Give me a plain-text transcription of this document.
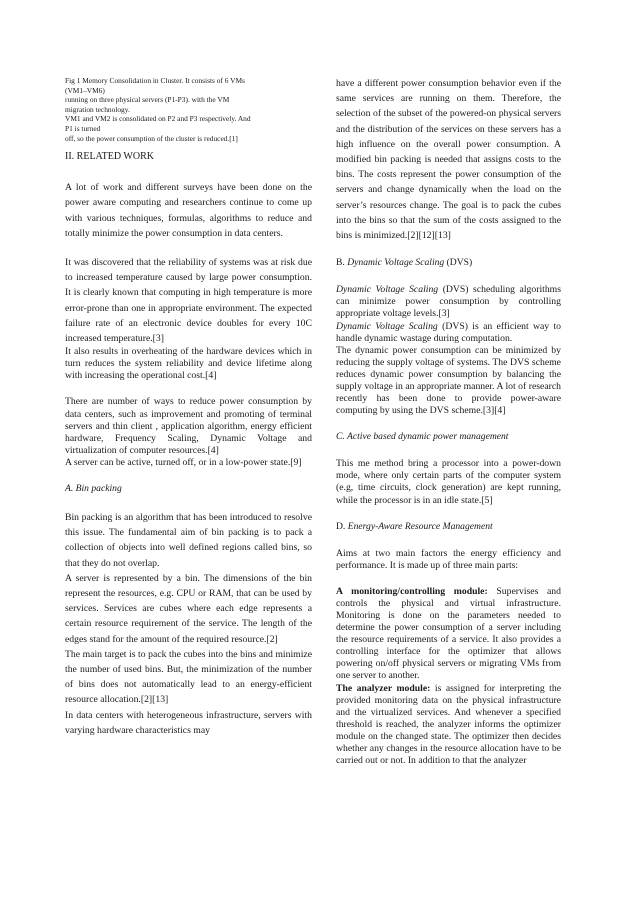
Fig 1 Memory Consolidation in Cluster. It consists of 6 VMs
(VM1–VM6)
running on three physical servers (P1-P3). with the VM
migration technology.
VM1 and VM2 is consolidated on P2 and P3 respectively. And
P1 is turned
off, so the power consumption of the cluster is reduced.[1]

II. RELATED WORK

A lot of work and different surveys have been done on the power aware computing and researchers continue to come up with various techniques, formulas, algorithms to reduce and totally minimize the power consumption in data centers.

It was discovered that the reliability of systems was at risk due to increased temperature caused by large power consumption. It is clearly known that computing in high temperature is more error-prone than one in appropriate environment. The expected failure rate of an electronic device doubles for every 10C increased temperature.[3]

It also results in overheating of the hardware devices which in turn reduces the system reliability and device lifetime along with increasing the operational cost.[4]

There are number of ways to reduce power consumption by data centers, such as improvement and promoting of terminal servers and thin client , application algorithm, energy efficient hardware, Frequency Scaling, Dynamic Voltage and virtualization of computer resources.[4]

A server can be active, turned off, or in a low-power state.[9]

A. Bin packing

Bin packing is an algorithm that has been introduced to resolve this issue. The fundamental aim of bin packing is to pack a collection of objects into well defined regions called bins, so that they do not overlap.

A server is represented by a bin. The dimensions of the bin represent the resources, e.g. CPU or RAM, that can be used by services. Services are cubes where each edge represents a certain resource requirement of the service. The length of the edges stand for the amount of the required resource.[2]

The main target is to pack the cubes into the bins and minimize the number of used bins. But, the minimization of the number of bins does not automatically lead to an energy-efficient resource allocation.[2][13]

In data centers with heterogeneous infrastructure, servers with varying hardware characteristics may

have a different power consumption behavior even if the same services are running on them. Therefore, the selection of the subset of the powered-on physical servers and the distribution of the services on these servers has a high influence on the overall power consumption. A modified bin packing is needed that assigns costs to the bins. The costs represent the power consumption of the servers and change dynamically when the load on the server’s resources change. The goal is to pack the cubes into the bins so that the sum of the costs assigned to the bins is minimized.[2][12][13]

B. Dynamic Voltage Scaling (DVS)

Dynamic Voltage Scaling (DVS) scheduling algorithms can minimize power consumption by controlling appropriate voltage levels.[3]

Dynamic Voltage Scaling (DVS) is an efficient way to handle dynamic wastage during computation.

The dynamic power consumption can be minimized by reducing the supply voltage of systems. The DVS scheme reduces dynamic power consumption by balancing the supply voltage in an appropriate manner. A lot of research recently has been done to provide power-aware computing by using the DVS scheme.[3][4]

C. Active based dynamic power management

This me method bring a processor into a power-down mode, where only certain parts of the computer system (e.g, time circuits, clock generation) are kept running, while the processor is in an idle state.[5]

D. Energy-Aware Resource Management

Aims at two main factors the energy efficiency and performance. It is made up of three main parts:

A monitoring/controlling module: Supervises and controls the physical and virtual infrastructure. Monitoring is done on the parameters needed to determine the power consumption of a server including the resource requirements of a service. It also provides a controlling interface for the optimizer that allows powering on/off physical servers or migrating VMs from one server to another.

The analyzer module: is assigned for interpreting the provided monitoring data on the physical infrastructure and the virtualized services. And whenever a specified threshold is reached, the analyzer informs the optimizer module on the changed state. The optimizer then decides whether any changes in the resource allocation have to be carried out or not. In addition to that the analyzer
